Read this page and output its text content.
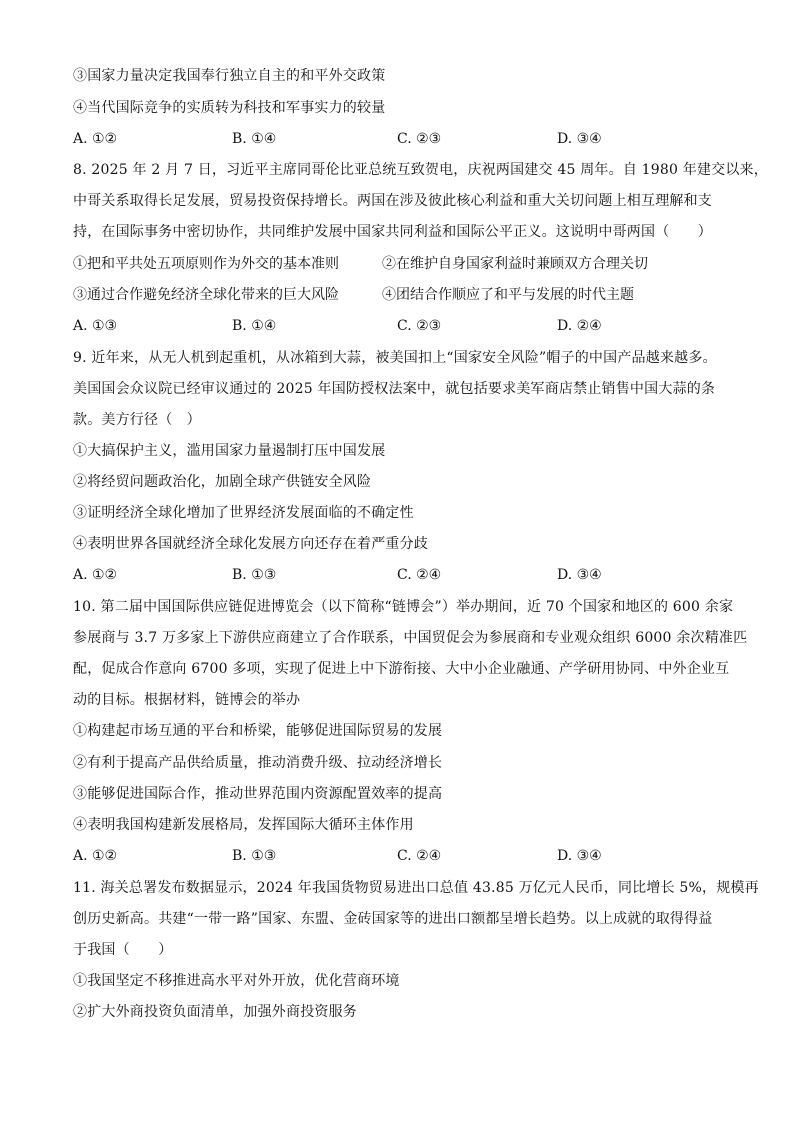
③国家力量决定我国奉行独立自主的和平外交政策
④当代国际竞争的实质转为科技和军事实力的较量
A. ①②	B. ①④	C. ②③	D. ③④
8. 2025 年 2 月 7 日，习近平主席同哥伦比亚总统互致贺电，庆祝两国建交 45 周年。自 1980 年建交以来，
中哥关系取得长足发展，贸易投资保持增长。两国在涉及彼此核心利益和重大关切问题上相互理解和支
持，在国际事务中密切协作，共同维护发展中国家共同利益和国际公平正义。这说明中哥两国（　　）
①把和平共处五项原则作为外交的基本准则	②在维护自身国家利益时兼顾双方合理关切
③通过合作避免经济全球化带来的巨大风险	④团结合作顺应了和平与发展的时代主题
A. ①③	B. ①④	C. ②③	D. ②④
9. 近年来，从无人机到起重机，从冰箱到大蒜，被美国扣上“国家安全风险”帽子的中国产品越来越多。
美国国会众议院已经审议通过的 2025 年国防授权法案中，就包括要求美军商店禁止销售中国大蒜的条
款。美方行径（　）
①大搞保护主义，滥用国家力量遏制打压中国发展
②将经贸问题政治化，加剧全球产供链安全风险
③证明经济全球化增加了世界经济发展面临的不确定性
④表明世界各国就经济全球化发展方向还存在着严重分歧
A. ①②	B. ①③	C. ②④	D. ③④
10. 第二届中国国际供应链促进博览会（以下简称“链博会”）举办期间，近 70 个国家和地区的 600 余家
参展商与 3.7 万多家上下游供应商建立了合作联系，中国贸促会为参展商和专业观众组织 6000 余次精准匹
配，促成合作意向 6700 多项，实现了促进上中下游衔接、大中小企业融通、产学研用协同、中外企业互
动的目标。根据材料，链博会的举办
①构建起市场互通的平台和桥梁，能够促进国际贸易的发展
②有利于提高产品供给质量，推动消费升级、拉动经济增长
③能够促进国际合作，推动世界范围内资源配置效率的提高
④表明我国构建新发展格局，发挥国际大循环主体作用
A. ①②	B. ①③	C. ②④	D. ③④
11. 海关总署发布数据显示，2024 年我国货物贸易进出口总值 43.85 万亿元人民币，同比增长 5%，规模再
创历史新高。共建“一带一路”国家、东盟、金砖国家等的进出口额都呈增长趋势。以上成就的取得得益
于我国（　　）
①我国坚定不移推进高水平对外开放，优化营商环境
②扩大外商投资负面清单，加强外商投资服务
